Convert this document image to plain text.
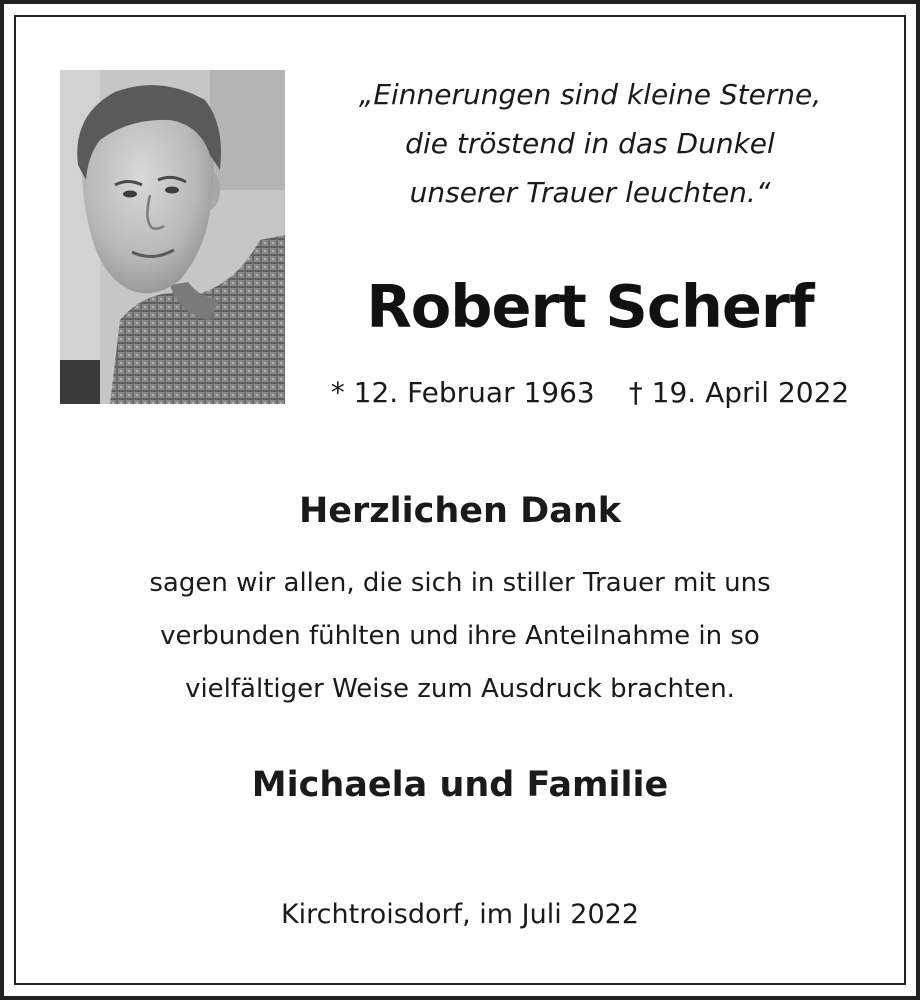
„Einnerungen sind kleine Sterne,
die tröstend in das Dunkel
unserer Trauer leuchten.“
Robert Scherf
* 12. Februar 1963 † 19. April 2022
Herzlichen Dank
sagen wir allen, die sich in stiller Trauer mit uns
verbunden fühlten und ihre Anteilnahme in so
vielfältiger Weise zum Ausdruck brachten.
Michaela und Familie
Kirchtroisdorf, im Juli 2022
